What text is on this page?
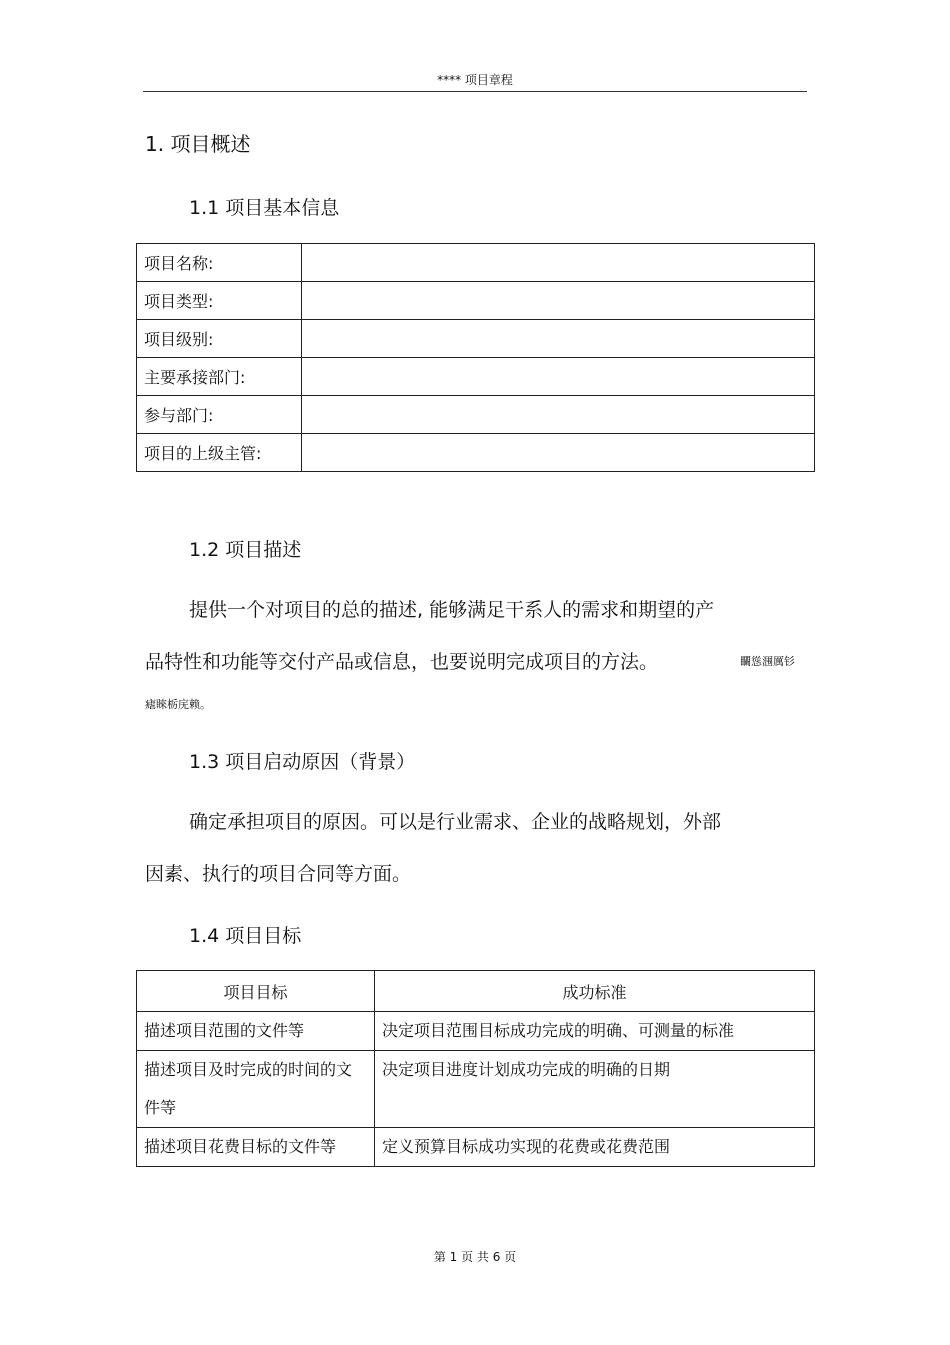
**** 项目章程
1. 项目概述
1.1 项目基本信息
项目名称:	
项目类型:	
项目级别:	
主要承接部门:	
参与部门:	
项目的上级主管:	
1.2 项目描述
提供一个对项目的总的描述, 能够满足干系人的需求和期望的产
品特性和功能等交付产品或信息，也要说明完成项目的方法。	矙慫涠厲钐
瘧睞栃庑赖。
1.3 项目启动原因（背景）
确定承担项目的原因。可以是行业需求、企业的战略规划，外部
因素、执行的项目合同等方面。
1.4 项目目标
项目目标	成功标准
描述项目范围的文件等	决定项目范围目标成功完成的明确、可测量的标准
描述项目及时完成的时间的文件等	决定项目进度计划成功完成的明确的日期
描述项目花费目标的文件等	定义预算目标成功实现的花费或花费范围
第 1 页 共 6 页
